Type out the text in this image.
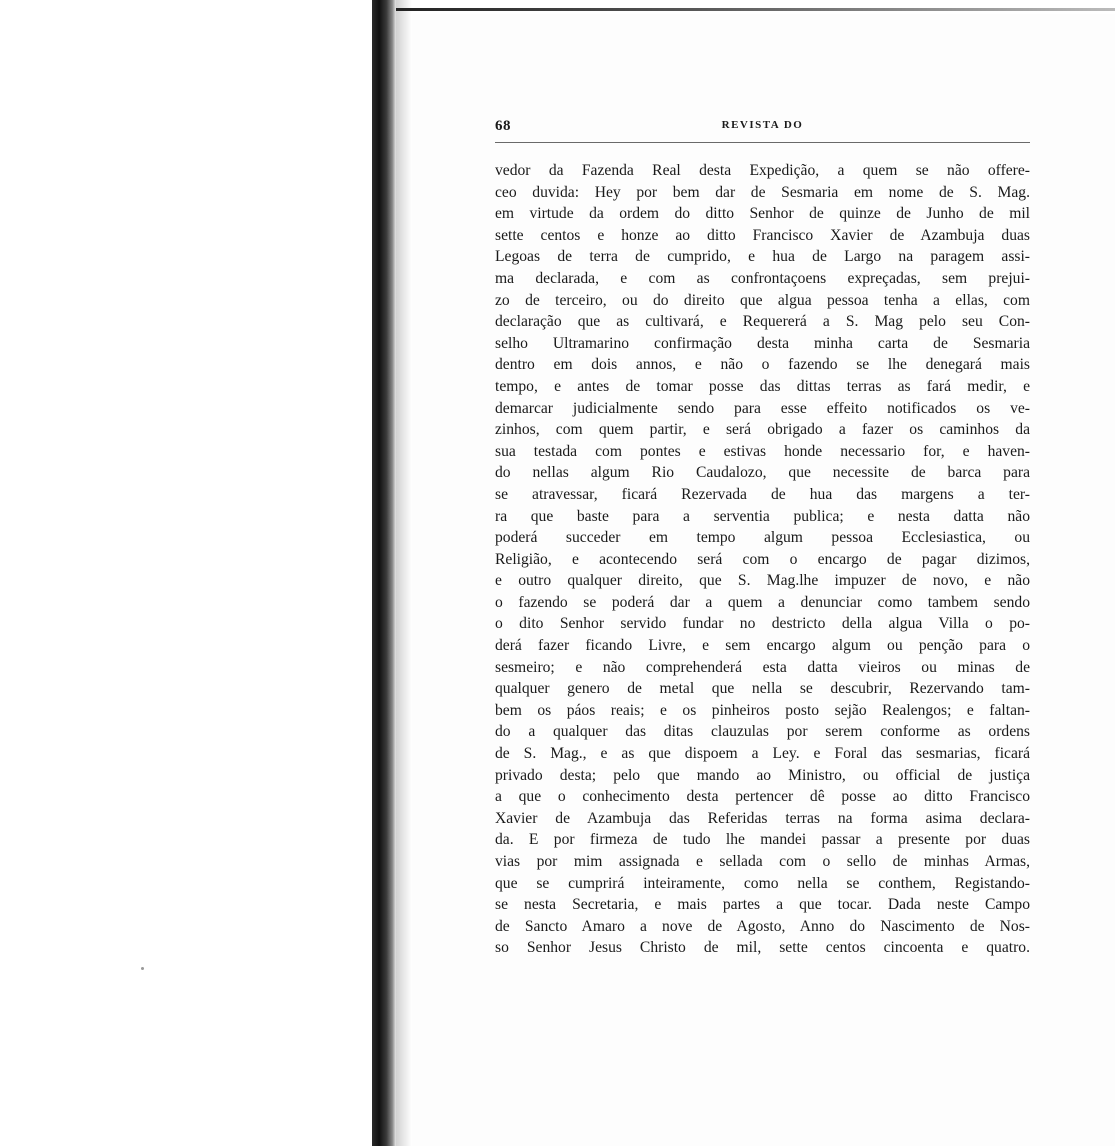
68	REVISTA DO
vedor da Fazenda Real desta Expedição, a quem se não offere-
ceo duvida: Hey por bem dar de Sesmaria em nome de S. Mag.
em virtude da ordem do ditto Senhor de quinze de Junho de mil
sette centos e honze ao ditto Francisco Xavier de Azambuja duas
Legoas de terra de cumprido, e hua de Largo na paragem assi-
ma declarada, e com as confrontaçoens expreçadas, sem prejui-
zo de terceiro, ou do direito que algua pessoa tenha a ellas, com
declaração que as cultivará, e Requererá a S. Mag pelo seu Con-
selho Ultramarino confirmação desta minha carta de Sesmaria
dentro em dois annos, e não o fazendo se lhe denegará mais
tempo, e antes de tomar posse das dittas terras as fará medir, e
demarcar judicialmente sendo para esse effeito notificados os ve-
zinhos, com quem partir, e será obrigado a fazer os caminhos da
sua testada com pontes e estivas honde necessario for, e haven-
do nellas algum Rio Caudalozo, que necessite de barca para
se atravessar, ficará Rezervada de hua das margens a ter-
ra que baste para a serventia publica; e nesta datta não
poderá succeder em tempo algum pessoa Ecclesiastica, ou
Religião, e acontecendo será com o encargo de pagar dizimos,
e outro qualquer direito, que S. Mag.lhe impuzer de novo, e não
o fazendo se poderá dar a quem a denunciar como tambem sendo
o dito Senhor servido fundar no destricto della algua Villa o po-
derá fazer ficando Livre, e sem encargo algum ou penção para o
sesmeiro; e não comprehenderá esta datta vieiros ou minas de
qualquer genero de metal que nella se descubrir, Rezervando tam-
bem os páos reais; e os pinheiros posto sejão Realengos; e faltan-
do a qualquer das ditas clauzulas por serem conforme as ordens
de S. Mag., e as que dispoem a Ley. e Foral das sesmarias, ficará
privado desta; pelo que mando ao Ministro, ou official de justiça
a que o conhecimento desta pertencer dê posse ao ditto Francisco
Xavier de Azambuja das Referidas terras na forma asima declara-
da. E por firmeza de tudo lhe mandei passar a presente por duas
vias por mim assignada e sellada com o sello de minhas Armas,
que se cumprirá inteiramente, como nella se conthem, Registando-
se nesta Secretaria, e mais partes a que tocar. Dada neste Campo
de Sancto Amaro a nove de Agosto, Anno do Nascimento de Nos-
so Senhor Jesus Christo de mil, sette centos cincoenta e quatro.
